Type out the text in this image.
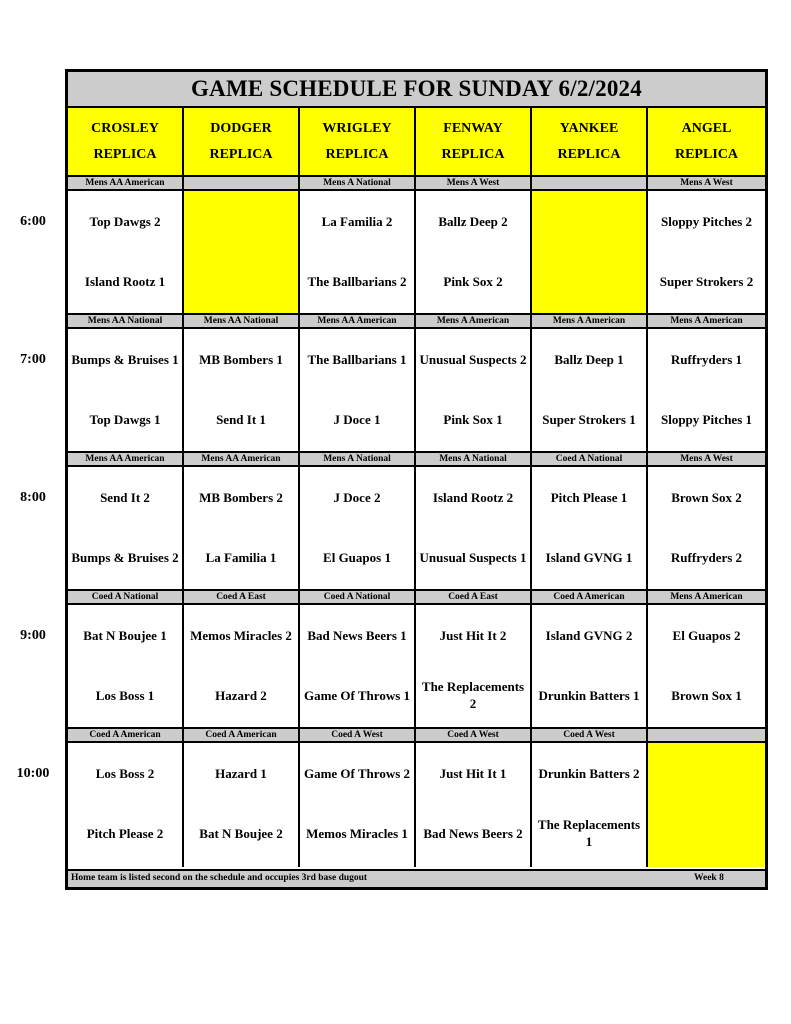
GAME SCHEDULE FOR SUNDAY 6/2/2024
CROSLEY
REPLICA
DODGER
REPLICA
WRIGLEY
REPLICA
FENWAY
REPLICA
YANKEE
REPLICA
ANGEL
REPLICA
Mens AA American
Top Dawgs 2
Island Rootz 1
Mens A National
La Familia 2
The Ballbarians 2
Mens A West
Ballz Deep 2
Pink Sox 2
Mens A West
Sloppy Pitches 2
Super Strokers 2
Mens AA National
Bumps & Bruises 1
Top Dawgs 1
Mens AA National
MB Bombers 1
Send It 1
Mens AA American
The Ballbarians 1
J Doce 1
Mens A American
Unusual Suspects 2
Pink Sox 1
Mens A American
Ballz Deep 1
Super Strokers 1
Mens A American
Ruffryders 1
Sloppy Pitches 1
Mens AA American
Send It 2
Bumps & Bruises 2
Mens AA American
MB Bombers 2
La Familia 1
Mens A National
J Doce 2
El Guapos 1
Mens A National
Island Rootz 2
Unusual Suspects 1
Coed A National
Pitch Please 1
Island GVNG 1
Mens A West
Brown Sox 2
Ruffryders 2
Coed A National
Bat N Boujee 1
Los Boss 1
Coed A East
Memos Miracles 2
Hazard 2
Coed A National
Bad News Beers 1
Game Of Throws 1
Coed A East
Just Hit It 2
The Replacements 2
Coed A American
Island GVNG 2
Drunkin Batters 1
Mens A American
El Guapos 2
Brown Sox 1
Coed A American
Los Boss 2
Pitch Please 2
Coed A American
Hazard 1
Bat N Boujee 2
Coed A West
Game Of Throws 2
Memos Miracles 1
Coed A West
Just Hit It 1
Bad News Beers 2
Coed A West
Drunkin Batters 2
The Replacements 1
Home team is listed second on the schedule and occupies 3rd base dugout	Week 8
6:00
7:00
8:00
9:00
10:00
